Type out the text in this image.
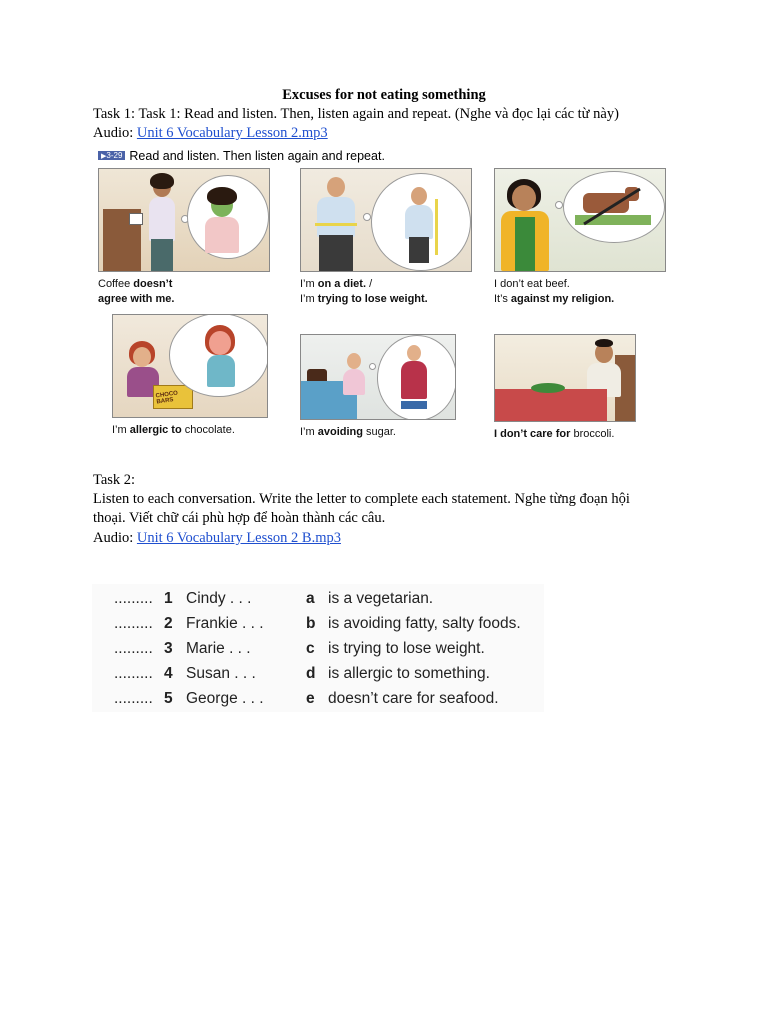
Excuses for not eating something
Task 1: Task 1: Read and listen. Then, listen again and repeat. (Nghe và đọc lại các từ này)
Audio: Unit 6 Vocabulary Lesson 2.mp3
▶ 3-29 Read and listen. Then listen again and repeat.
Coffee doesn’t
agree with me.
I’m on a diet. /
I’m trying to lose weight.
I don’t eat beef.
It’s against my religion.
CHOCO BARS
I’m allergic to chocolate.	I’m avoiding sugar.	I don’t care for broccoli.
Task 2:
Listen to each conversation. Write the letter to complete each statement. Nghe từng đoạn hội
thoại. Viết chữ cái phù hợp để hoàn thành các câu.
Audio: Unit 6 Vocabulary Lesson 2 B.mp3
......... 1 Cindy . . .	a is a vegetarian.
......... 2 Frankie . . .	b is avoiding fatty, salty foods.
......... 3 Marie . . .	c is trying to lose weight.
......... 4 Susan . . .	d is allergic to something.
......... 5 George . . .	e doesn’t care for seafood.
